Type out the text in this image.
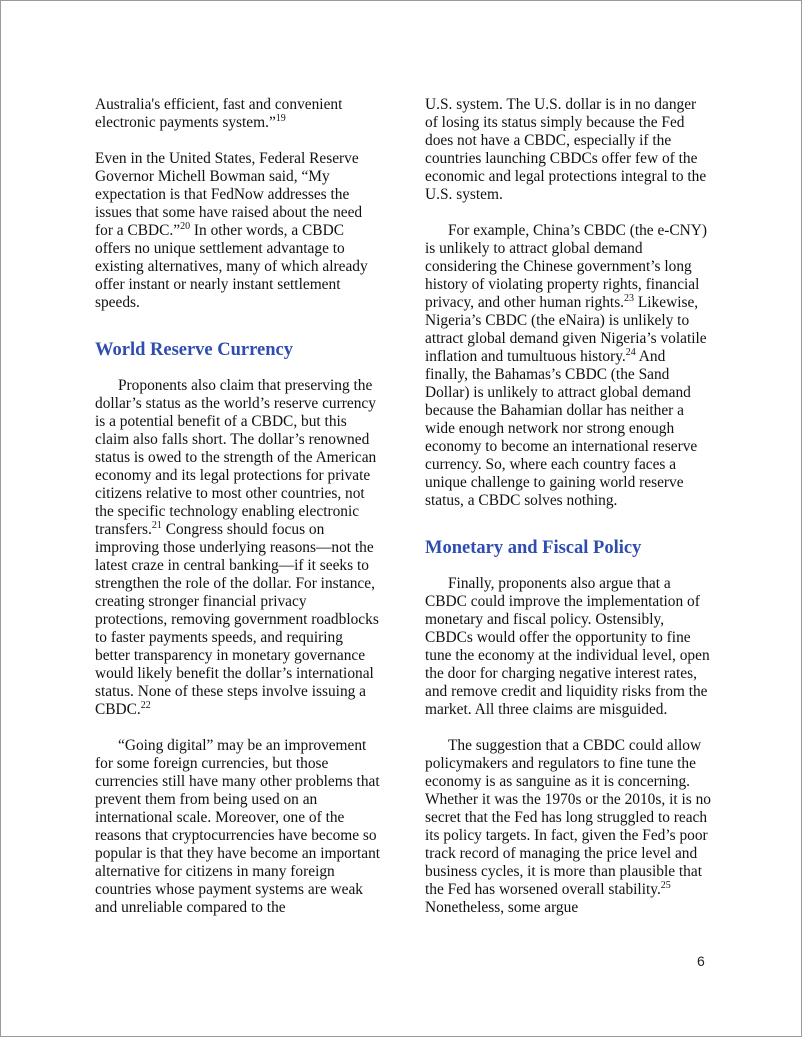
Australia's efficient, fast and convenient electronic payments system.”$^{19}$

Even in the United States, Federal Reserve Governor Michell Bowman said, “My expectation is that FedNow addresses the issues that some have raised about the need for a CBDC.”$^{20}$ In other words, a CBDC offers no unique settlement advantage to existing alternatives, many of which already offer instant or nearly instant settlement speeds.

World Reserve Currency

Proponents also claim that preserving the dollar’s status as the world’s reserve currency is a potential benefit of a CBDC, but this claim also falls short. The dollar’s renowned status is owed to the strength of the American economy and its legal protections for private citizens relative to most other countries, not the specific technology enabling electronic transfers.$^{21}$ Congress should focus on improving those underlying reasons—not the latest craze in central banking—if it seeks to strengthen the role of the dollar. For instance, creating stronger financial privacy protections, removing government roadblocks to faster payments speeds, and requiring better transparency in monetary governance would likely benefit the dollar’s international status. None of these steps involve issuing a CBDC.$^{22}$

“Going digital” may be an improvement for some foreign currencies, but those currencies still have many other problems that prevent them from being used on an international scale. Moreover, one of the reasons that cryptocurrencies have become so popular is that they have become an important alternative for citizens in many foreign countries whose payment systems are weak and unreliable compared to the

U.S. system. The U.S. dollar is in no danger of losing its status simply because the Fed does not have a CBDC, especially if the countries launching CBDCs offer few of the economic and legal protections integral to the U.S. system.

For example, China’s CBDC (the e-CNY) is unlikely to attract global demand considering the Chinese government’s long history of violating property rights, financial privacy, and other human rights.$^{23}$ Likewise, Nigeria’s CBDC (the eNaira) is unlikely to attract global demand given Nigeria’s volatile inflation and tumultuous history.$^{24}$ And finally, the Bahamas’s CBDC (the Sand Dollar) is unlikely to attract global demand because the Bahamian dollar has neither a wide enough network nor strong enough economy to become an international reserve currency. So, where each country faces a unique challenge to gaining world reserve status, a CBDC solves nothing.

Monetary and Fiscal Policy

Finally, proponents also argue that a CBDC could improve the implementation of monetary and fiscal policy. Ostensibly, CBDCs would offer the opportunity to fine tune the economy at the individual level, open the door for charging negative interest rates, and remove credit and liquidity risks from the market. All three claims are misguided.

The suggestion that a CBDC could allow policymakers and regulators to fine tune the economy is as sanguine as it is concerning. Whether it was the 1970s or the 2010s, it is no secret that the Fed has long struggled to reach its policy targets. In fact, given the Fed’s poor track record of managing the price level and business cycles, it is more than plausible that the Fed has worsened overall stability.$^{25}$ Nonetheless, some argue

6
